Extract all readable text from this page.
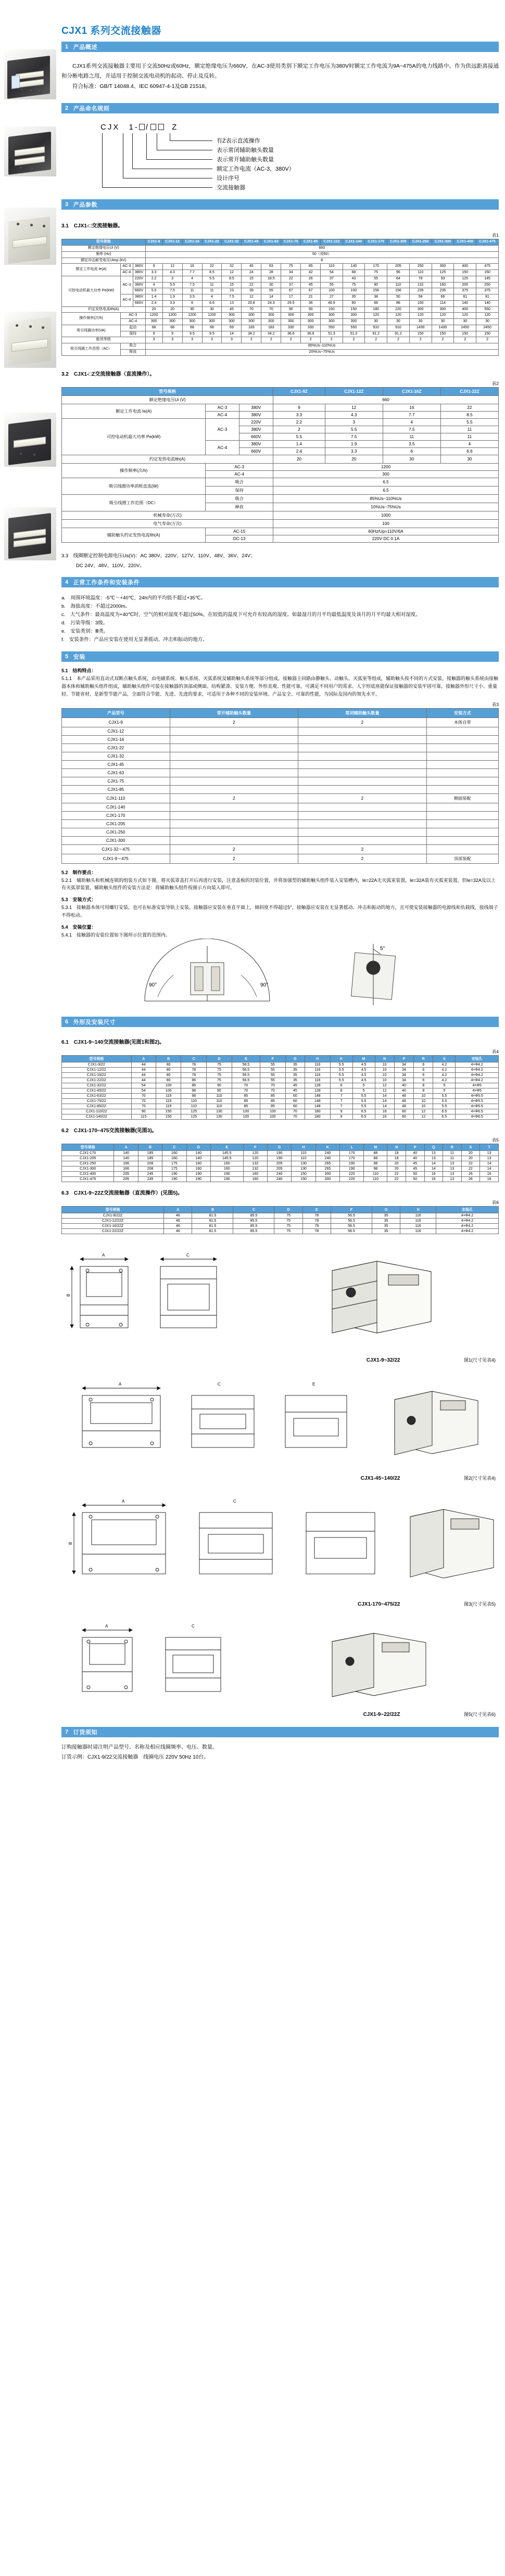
CJX1 系列交流接触器
1 产品概述

CJX1系列交流接触器主要用于交流50Hz或60Hz，额定绝缘电压为660V，在AC-3使用类别下额定工作电压为380V时额定工作电流为9A~475A的电力线路中。作为供远距离接通和分断电路之用，并适用于控制交流电动机的起动、停止及反转。

符合标准：GB/T 14048.4、IEC 60947-4-1及GB 21518。

2 产品命名规则
CJX 1- /	Z
有Z表示直流操作
表示常闭辅助触头数量
表示常开辅助触头数量
额定工作电流（AC-3、380V）
设计序号
交流接触器
3 产品参数
3.1　CJX1-□交流接触器。
表1
型号规格			CJX1-9	CJX1-12	CJX1-16	CJX1-22	CJX1-32	CJX1-45	CJX1-63	CJX1-75	CJX1-85	CJX1-110	CJX1-140	CJX1-170	CJX1-205	CJX1-250	CJX1-300	CJX1-400	CJX1-475
额定绝缘电压Ui (V)			660																
频率 (Hz)			50（或60）																
额定冲击耐受电压Uimp (kV)			8																
额定工作电流 Ie(A)	AC-3	380V	9	12	16	22	32	45	63	75	85	110	140	170	205	250	300	400	475
	AC-4	380V	3.3	4.3	7.7	8.5	12	24	28	34	42	54	68	75	96	110	125	150	150
可控电动机最大功率 Pe(kW)	AC-3	220V	2.2	3	4	5.5	8.5	15	18.5	22	26	37	43	55	64	78	93	125	145
		380V	4	5.5	7.5	11	15	22	30	37	45	55	75	90	110	132	160	200	250
		660V	5.5	7.5	11	11	23	39	55	67	67	100	100	156	156	235	235	375	375
	AC-4	380V	1.4	1.9	3.5	4	7.5	12	14	17	21	27	35	38	50	58	66	81	81
		660V	2.4	3.3	6	6.6	13	20.8	24.3	29.5	36	46.9	60	66	86	100	114	140	140
约定发热电流Ith(A)			20	20	30	30	45	70	70	90	90	150	150	180	220	300	300	400	550
操作频率(次/h)	AC-3		1200	1200	1200	1200	300	300	300	300	300	300	300	120	120	120	120	120	120
	AC-4		300	300	300	300	300	300	300	300	300	300	300	30	30	30	30	30	30
吸引线圈功率(VA)	起动		68	68	68	68	69	183	183	330	330	550	550	910	910	1430	1430	2450	2450
	保持		9	9	9.5	9.5	14	34.2	34.2	36.6	36.6	51.3	51.3	91.2	91.2	150	150	150	150
能效等级			3	3	3	3	3	2	2	2	2	2	2	2	2	2	2	2	2
吸引线圈工作范围（AC）	吸合		85%Us~110%Us																
	释放		20%Us~75%Us																
3.2　CJX1-□Z交流接触器（直流操作）。
表2
型号规格			CJX1-9Z	CJX1-12Z	CJX1-16Z	CJX1-22Z
额定绝缘电压Ui (V)			660			
额定工作电流 Ie(A)	AC-3	380V	9	12	16	22
	AC-4	380V	3.3	4.3	7.7	8.5
可控电动机最大功率 Pe(kW)	AC-3	220V	2.2	3	4	5.5
		380V	2	5.5	7.5	11
		660V	5.5	7.5	11	11
	AC-4	380V	1.4	1.9	3.5	4
		660V	2.4	3.3	6	6.6
约定发热电流Ith(A)			20	20	30	30
操作频率(次/h)	AC-3		1200			
	AC-4		300			
吸引线圈功率消耗直流(W)	吸合		6.5			
	保持		6.5			
吸引线圈工作范围（DC）	吸合		85%Us~110%Us			
	释放		10%Us~75%Us			
机械寿命(万次)			1000			
电气寿命(万次)			100			
辅助触头约定发热电流Ith(A)	AC-15		60Hz/Up=110V/6A			
	DC-13		220V DC 0.1A			
3.3　线圈额定控制电源电压Us(V)：AC 380V、220V、127V、110V、48V、36V、24V；
DC 24V、48V、110V、220V。
4 正常工作条件和安装条件
a.　周围环境温度：-5℃～+40℃，24h内的平均值不超过+35℃。
b.　海拔高度：不超过2000m。
c.　大气条件：最高温度为+40℃时，空气的相对湿度不超过50%，在较低的温度下可允许有较高的湿度。如最湿月的月平均最低温度及该月的月平均最大相对湿度。
d.　污染等级：3级。
e.　安装类别：Ⅲ类。
f.　安装条件：产品应安装在使用无显著摇动、冲击和振动的地方。
5 安装
5.1　结构特点：
5.1.1　本产品采用直动式双断点触头系统，由电磁系统、触头系统、灭弧系统及辅助触头系统等部分组成。接触器主回路由静触头、动触头、灭弧室等组成，辅助触头按不同的方式安装。接触器的触头系统由接触器本体和辅助触头组件组成，辅助触头组件可装在接触器的顶部或侧面。结构紧凑、安装方便、外形美观、性能可靠，可满足不同用户的需求。人字形底座能保证接触器的安装牢固可靠，接触器外形尺寸小、重量轻、节能省材，是新型节能产品，全面符合节能、先进、先进的要求，可适用于各种不同的安装环境。产品安全、可靠的性能，为国际及国内的领先水平。
表3
产品型号	常开辅助触头数量	常闭辅助触头数量	安装方式
CJX1-9	2	2	本体自带
CJX1-12			
CJX1-16			
CJX1-22			
CJX1-32			
CJX1-45			
CJX1-63			
CJX1-75			
CJX1-85			
CJX1-110	2	2	侧面装配
CJX1-140			
CJX1-170			
CJX1-205			
CJX1-250			
CJX1-300			
CJX1-32～475	2	2	
CJX1-9～475	2	2	顶部装配
5.2　制作要点：
5.2.1　辅助触头和机械连锁的组装方式如下图，将灭弧罩盖打开后再进行安装，注意盖板的封装位置，并将加强型的辅助触头组件装入安装槽内，le=22A无灭弧室装置，le=32A装有灭弧室装置，但le=32A及以上有灭弧罩装置，辅助触头组件的安装方法是：将辅助触头组件按图示方向装入即可。
5.3　安装方式：
5.3.1　接触器本体可用螺钉安装，也可在标准安装导轨上安装。接触器应安装在垂直平面上，倾斜度不得超过5°，接触器应安装在无显著摇动、冲击和振动的地方，且可使安装接触器的电源线和负载线，接线端子不得松动。
5.4　安装位置：
5.4.1　接触器的安装位置如下图所示位置的范围内。
90°	90°
5°
6 外形及安装尺寸
6.1　CJX1-9~140交流接触器(见图1和图2)。
表4
型号规格	A	B	C	D	E	F	G	H	K	M	N	P	R	S	安装孔
CJX1-9/22	44	80	78	75	56.5	55	35	116	5.5	4.5	10	34	6	4.2	4×Φ4.2
CJX1-12/22	44	80	78	75	56.5	55	35	116	5.5	4.5	10	34	6	4.2	4×Φ4.2
CJX1-16/22	44	80	78	75	56.5	55	35	116	5.5	4.5	10	34	6	4.2	4×Φ4.2
CJX1-22/22	44	80	86	75	56.5	55	35	116	5.5	4.5	10	34	6	4.2	4×Φ4.2
CJX1-32/22	54	100	86	90	70	70	45	128	6	5	12	40	8	5	4×Φ5
CJX1-45/22	54	100	98	90	70	70	45	128	6	5	12	40	8	5	4×Φ5
CJX1-63/22	70	119	98	110	85	85	60	148	7	5.5	14	48	10	5.5	4×Φ5.5
CJX1-75/22	70	119	110	110	85	85	60	148	7	5.5	14	48	10	5.5	4×Φ5.5
CJX1-85/22	70	119	110	110	85	85	60	148	7	5.5	14	48	10	5.5	4×Φ5.5
CJX1-110/22	90	150	125	130	100	100	70	180	9	6.5	16	60	12	6.5	4×Φ6.5
CJX1-140/22	115	150	125	130	100	100	70	180	9	6.5	16	60	12	6.5	4×Φ6.5
6.2　CJX1-170~475交流接触器(见图3)。
表5
型号规格	A	B	C	D	E	F	G	H	K	L	M	N	P	Q	R	S	T
CJX1-170	140	185	160	140	145.5	120	190	110	240	170	88	18	40	13	11	20	13
CJX1-205	140	185	160	140	145.5	120	190	110	240	170	88	18	40	13	11	20	13
CJX1-250	166	208	175	160	160	132	205	130	265	190	98	20	45	14	13	22	14
CJX1-300	166	208	175	160	160	132	205	130	265	190	98	20	45	14	13	22	14
CJX1-400	205	245	190	190	190	160	240	150	300	220	110	22	50	16	13	26	16
CJX1-475	205	245	190	190	190	160	240	150	300	220	110	22	50	16	13	26	16
6.3　CJX1-9~22Z交流接触器（直流操作）(见图5)。
表6
型号规格	A	B	C	D	E	F	G	H	安装孔
CJX1-9/22Z	46	81.5	85.5	75	78	56.5	35	116	4×Φ4.2
CJX1-12/22Z	46	81.5	85.5	75	78	56.5	35	116	4×Φ4.2
CJX1-16/22Z	46	81.5	85.5	75	78	56.5	35	116	4×Φ4.2
CJX1-22/22Z	46	81.5	85.5	75	78	56.5	35	116	4×Φ4.2
B
A	C
CJX1-9~32/22	图1(尺寸见表4)
A	C	E
CJX1-45~140/22	图2(尺寸见表4)
B
A	C
CJX1-170~475/22	图3(尺寸见表5)
A	C
CJX1-9~22/22Z	图5(尺寸见表6)
7 订货须知
订购接触器时请注明产品型号、名称及相应线圈频率、电压、数量。
订货示例：CJX1-9/22交流接触器　线圈电压 220V 50Hz 10台。
